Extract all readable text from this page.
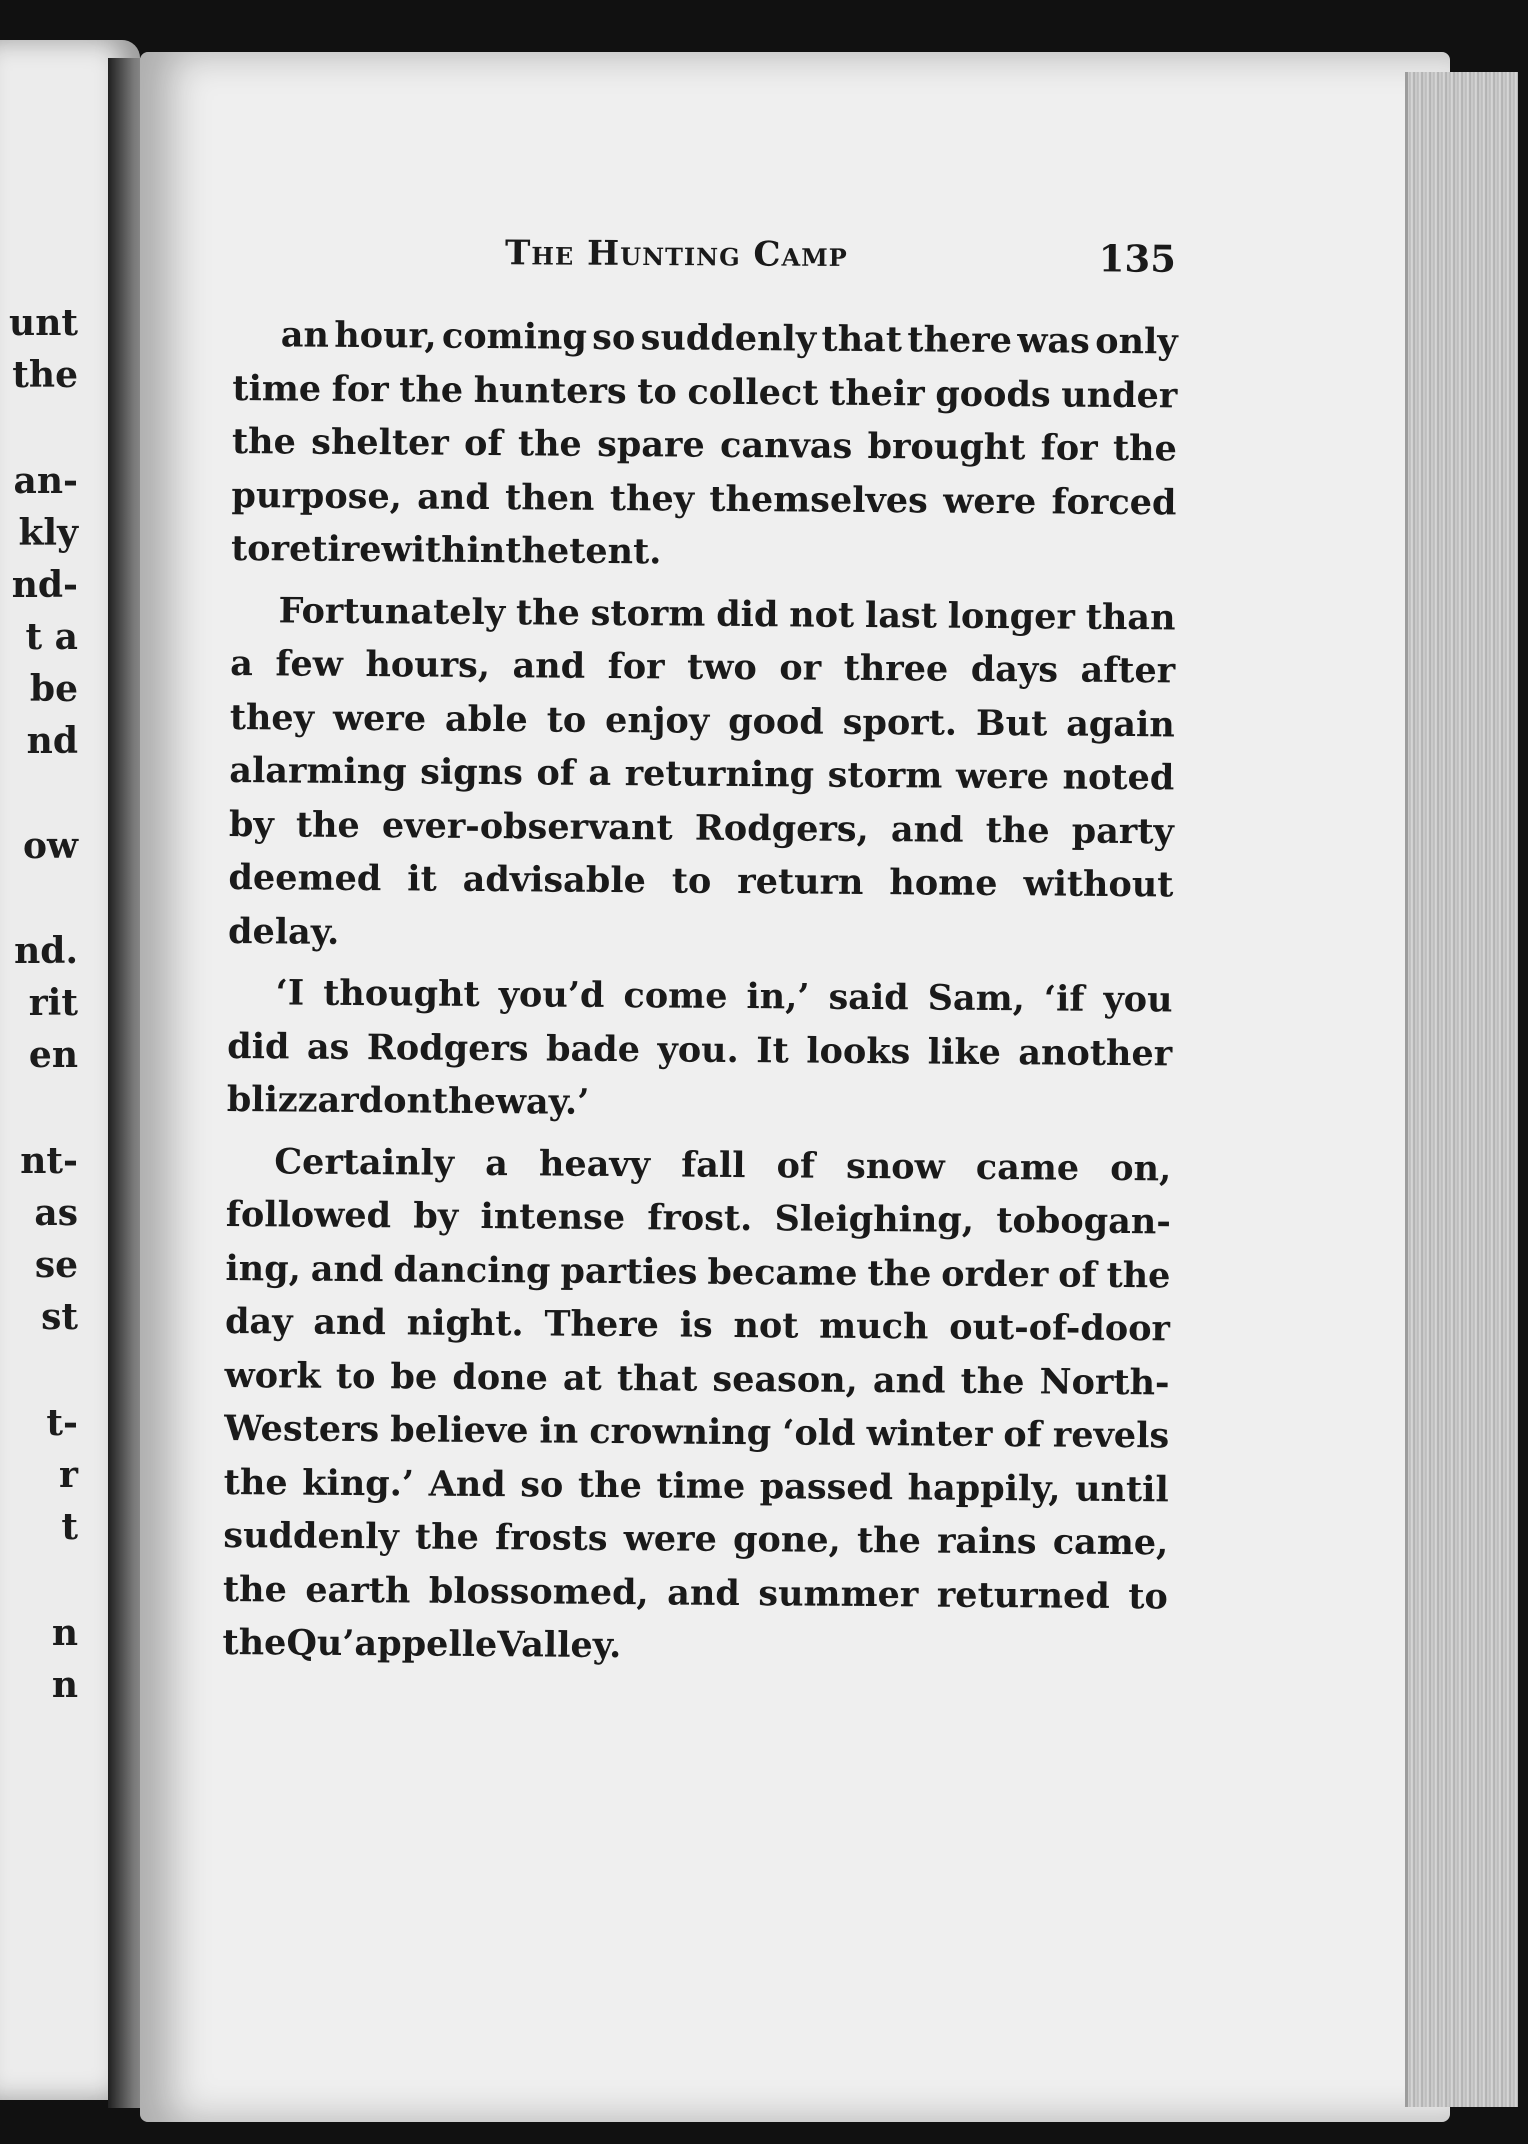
unt
the
an-
kly
nd-
t a
be
nd
ow
nd.
rit
en
nt-
as
se
st
t-
r
t
n
n
The Hunting Camp	135
an hour, coming so suddenly that there was only
time for the hunters to collect their goods under
the shelter of the spare canvas brought for the
purpose, and then they themselves were forced
to retire within the tent.
Fortunately the storm did not last longer than
a few hours, and for two or three days after
they were able to enjoy good sport. But again
alarming signs of a returning storm were noted
by the ever-observant Rodgers, and the party
deemed it advisable to return home without
delay.
‘I thought you’d come in,’ said Sam, ‘if you
did as Rodgers bade you. It looks like another
blizzard on the way.’
Certainly a heavy fall of snow came on,
followed by intense frost. Sleighing, tobogan-
ing, and dancing parties became the order of the
day and night. There is not much out-of-door
work to be done at that season, and the North-
Westers believe in crowning ‘old winter of revels
the king.’ And so the time passed happily, until
suddenly the frosts were gone, the rains came,
the earth blossomed, and summer returned to
the Qu’appelle Valley.
